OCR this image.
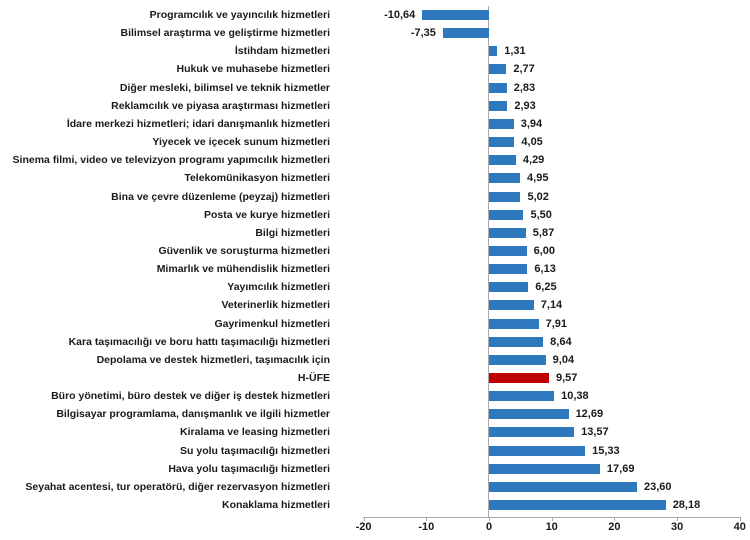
Programcılık ve yayıncılık hizmetleri	-10,64
Bilimsel araştırma ve geliştirme hizmetleri	-7,35
İstihdam hizmetleri	1,31
Hukuk ve muhasebe hizmetleri	2,77
Diğer mesleki, bilimsel ve teknik hizmetler	2,83
Reklamcılık ve piyasa araştırması hizmetleri	2,93
İdare merkezi hizmetleri; idari danışmanlık hizmetleri	3,94
Yiyecek ve içecek sunum hizmetleri	4,05
Sinema filmi, video ve televizyon programı yapımcılık hizmetleri	4,29
Telekomünikasyon hizmetleri	4,95
Bina ve çevre düzenleme (peyzaj) hizmetleri	5,02
Posta ve kurye hizmetleri	5,50
Bilgi hizmetleri	5,87
Güvenlik ve soruşturma hizmetleri	6,00
Mimarlık ve mühendislik hizmetleri	6,13
Yayımcılık hizmetleri	6,25
Veterinerlik hizmetleri	7,14
Gayrimenkul hizmetleri	7,91
Kara taşımacılığı ve boru hattı taşımacılığı hizmetleri	8,64
Depolama ve destek hizmetleri, taşımacılık için	9,04
H-ÜFE	9,57
Büro yönetimi, büro destek ve diğer iş destek hizmetleri	10,38
Bilgisayar programlama, danışmanlık ve ilgili hizmetler	12,69
Kiralama ve leasing hizmetleri	13,57
Su yolu taşımacılığı hizmetleri	15,33
Hava yolu taşımacılığı hizmetleri	17,69
Seyahat acentesi, tur operatörü, diğer rezervasyon hizmetleri	23,60
Konaklama hizmetleri	28,18
-20	-10	0	10	20	30	40
